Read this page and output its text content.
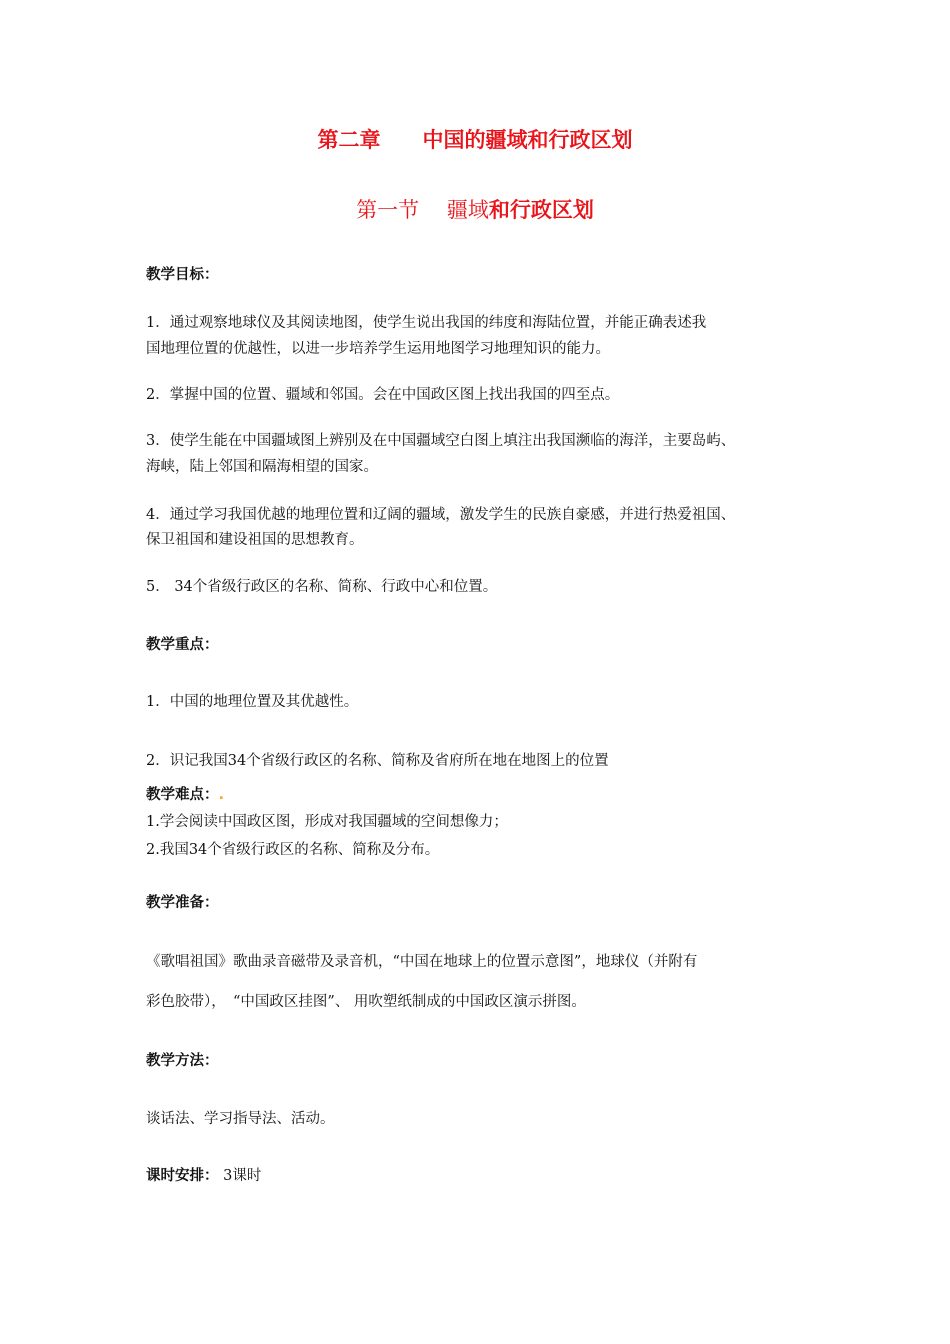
第二章　　中国的疆域和行政区划
第一节　 疆域和行政区划
教学目标：
1．通过观察地球仪及其阅读地图，使学生说出我国的纬度和海陆位置，并能正确表述我
国地理位置的优越性，以进一步培养学生运用地图学习地理知识的能力。
2．掌握中国的位置、疆域和邻国。会在中国政区图上找出我国的四至点。
3．使学生能在中国疆域图上辨别及在中国疆域空白图上填注出我国濒临的海洋，主要岛屿、
海峡，陆上邻国和隔海相望的国家。
4．通过学习我国优越的地理位置和辽阔的疆域，激发学生的民族自豪感，并进行热爱祖国、
保卫祖国和建设祖国的思想教育。
5． 34个省级行政区的名称、简称、行政中心和位置。
教学重点：
1．中国的地理位置及其优越性。
2．识记我国34个省级行政区的名称、简称及省府所在地在地图上的位置
教学难点：.
1.学会阅读中国政区图，形成对我国疆域的空间想像力；
2.我国34个省级行政区的名称、简称及分布。
教学准备：
《歌唱祖国》歌曲录音磁带及录音机，“中国在地球上的位置示意图”，地球仪（并附有
彩色胶带），　“中国政区挂图”、 用吹塑纸制成的中国政区演示拼图。
教学方法：
谈话法、学习指导法、活动。
课时安排： 3课时
